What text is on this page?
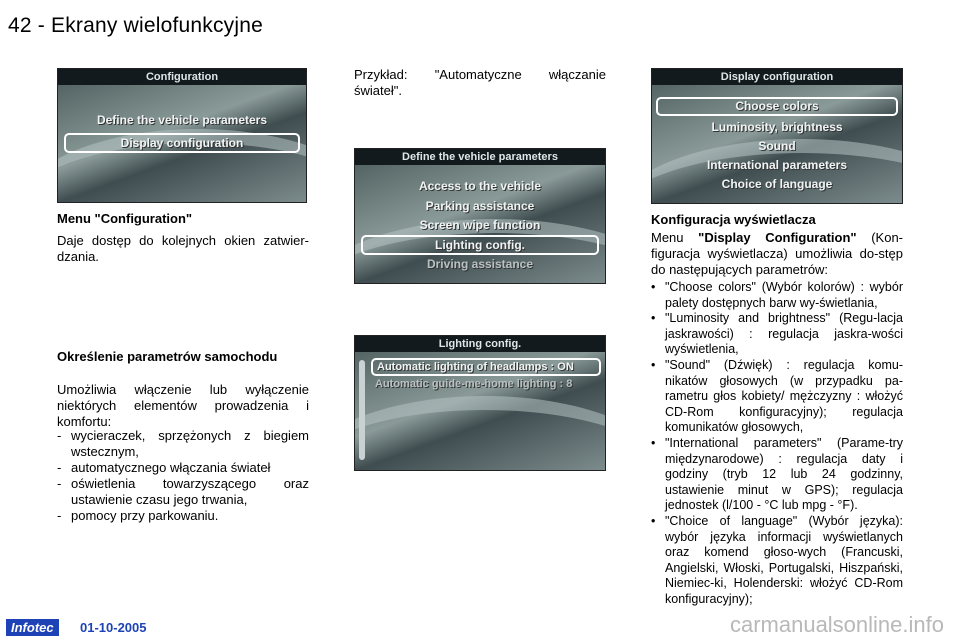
42 - Ekrany wielofunkcyjne
Configuration
Define the vehicle parameters
Display configuration
Define the vehicle parameters
Access to the vehicle
Parking assistance
Screen wipe function
Lighting config.
Driving assistance
Lighting config.
Automatic lighting of headlamps : ON
Automatic guide-me-home lighting : 8
Display configuration
Choose colors
Luminosity, brightness
Sound
International parameters
Choice of language
Menu "Configuration"
Daje dostęp do kolejnych okien zatwier-dzania.
Określenie parametrów samochodu
Umożliwia włączenie lub wyłączenie niektórych elementów prowadzenia i komfortu:
- wycieraczek, sprzężonych z biegiem wstecznym,
- automatycznego włączania świateł
- oświetlenia towarzyszącego oraz ustawienie czasu jego trwania,
- pomocy przy parkowaniu.
Przykład: "Automatyczne włączanie świateł".
Konfiguracja wyświetlacza
Menu "Display Configuration" (Kon-figuracja wyświetlacza) umożliwia do-stęp do następujących parametrów:
• "Choose colors" (Wybór kolorów) : wybór palety dostępnych barw wy-świetlania,
• "Luminosity and brightness" (Regu-lacja jaskrawości) : regulacja jaskra-wości wyświetlenia,
• "Sound" (Dźwięk) : regulacja komu-nikatów głosowych (w przypadku pa-rametru głos kobiety/ mężczyzny : włożyć CD-Rom konfiguracyjny); regulacja komunikatów głosowych,
• "International parameters" (Parame-try międzynarodowe) : regulacja daty i godziny (tryb 12 lub 24 godzinny, ustawienie minut w GPS); regulacja jednostek (l/100 - °C lub mpg - °F).
• "Choice of language" (Wybór języka): wybór języka informacji wyświetlanych oraz komend głoso-wych (Francuski, Angielski, Włoski, Portugalski, Hiszpański, Niemiec-ki, Holenderski: włożyć CD-Rom konfiguracyjny);
Infotec	01-10-2005	carmanualsonline.info
